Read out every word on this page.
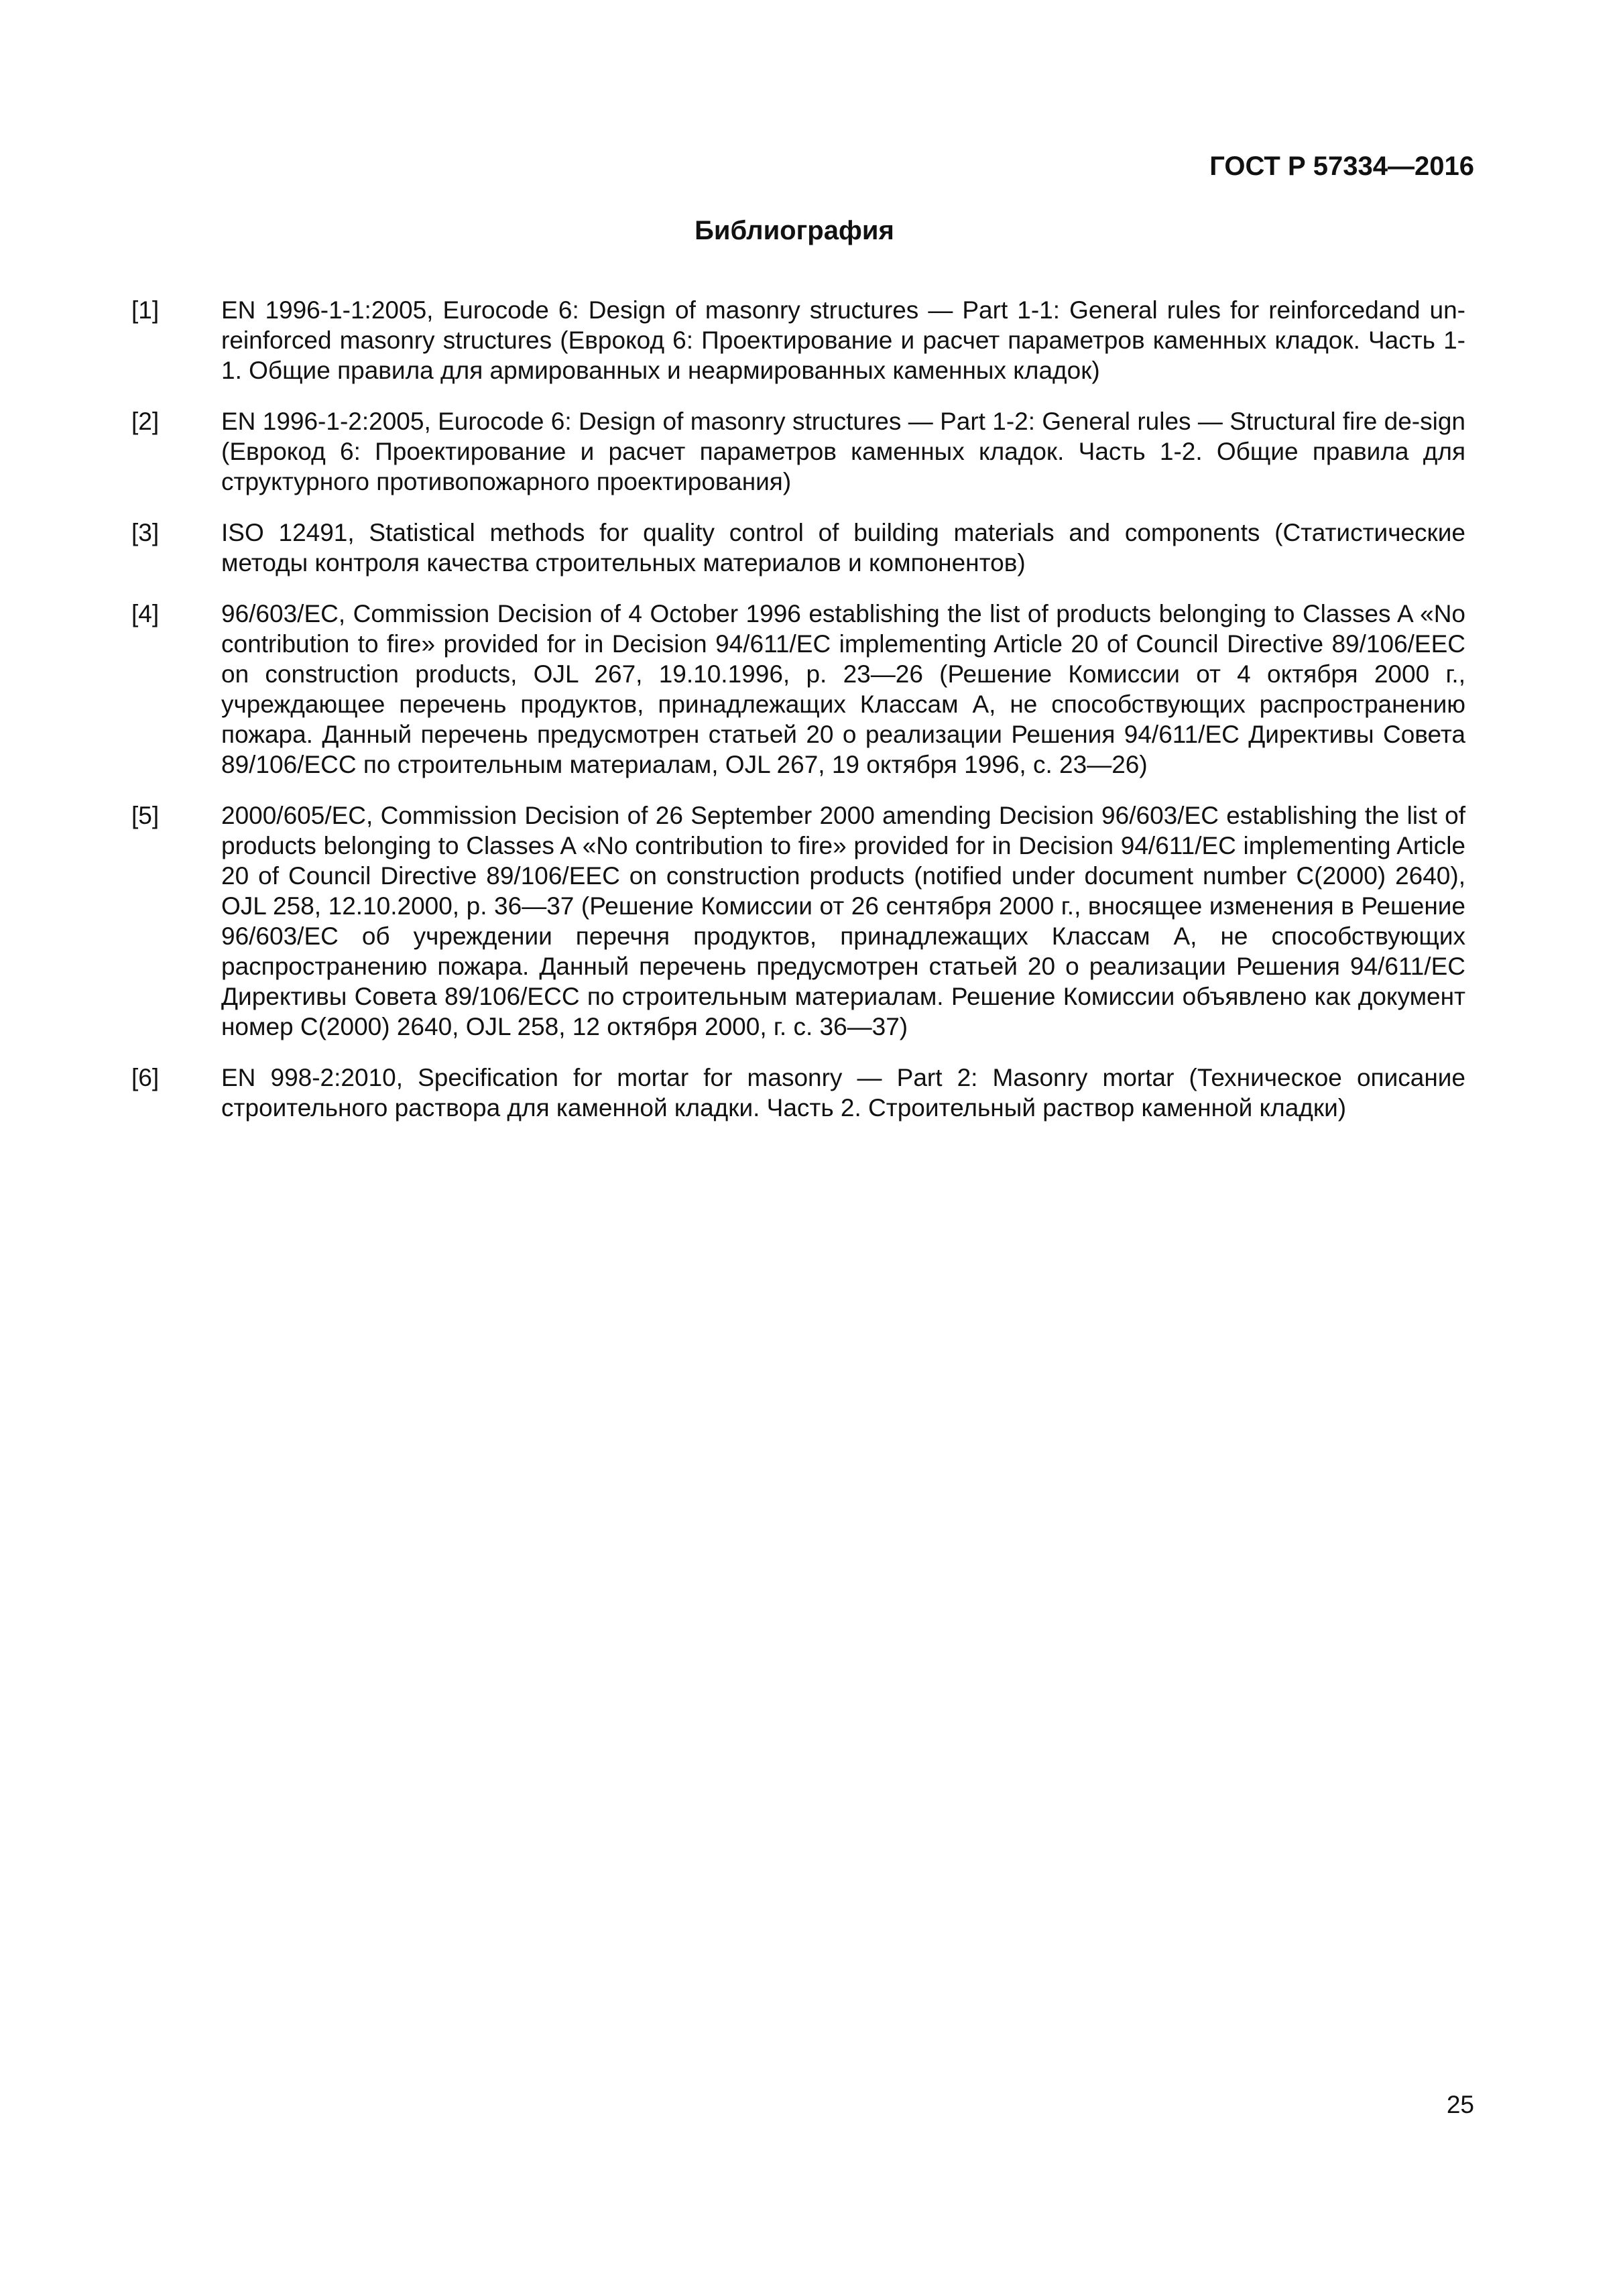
ГОСТ Р 57334—2016
Библиография
[1]	EN 1996-1-1:2005, Eurocode 6: Design of masonry structures — Part 1-1: General rules for reinforcedand un-reinforced masonry structures (Еврокод 6: Проектирование и расчет параметров каменных кладок. Часть 1-1. Общие правила для армированных и неармированных каменных кладок)
[2]	EN 1996-1-2:2005, Eurocode 6: Design of masonry structures — Part 1-2: General rules — Structural fire de-sign (Еврокод 6: Проектирование и расчет параметров каменных кладок. Часть 1-2. Общие правила для структурного противопожарного проектирования)
[3]	ISO 12491, Statistical methods for quality control of building materials and components (Статистические методы контроля качества строительных материалов и компонентов)
[4]	96/603/EC, Commission Decision of 4 October 1996 establishing the list of products belonging to Classes A «No contribution to fire» provided for in Decision 94/611/EC implementing Article 20 of Council Directive 89/106/EEC on construction products, OJL 267, 19.10.1996, p. 23—26 (Решение Комиссии от 4 октября 2000 г., учреждающее перечень продуктов, принадлежащих Классам А, не способствующих распространению пожара. Данный перечень предусмотрен статьей 20 о реализации Решения 94/611/ЕС Директивы Совета 89/106/ЕСС по строительным материалам, OJL 267, 19 октября 1996, с. 23—26)
[5]	2000/605/EC, Commission Decision of 26 September 2000 amending Decision 96/603/EC establishing the list of products belonging to Classes A «No contribution to fire» provided for in Decision 94/611/EC implementing Article 20 of Council Directive 89/106/EEC on construction products (notified under document number C(2000) 2640), OJL 258, 12.10.2000, p. 36—37 (Решение Комиссии от 26 сентября 2000 г., вносящее изменения в Решение 96/603/ЕС об учреждении перечня продуктов, принадлежащих Классам А, не способствующих распространению пожара. Данный перечень предусмотрен статьей 20 о реализации Решения 94/611/ЕС Директивы Совета 89/106/ЕСС по строительным материалам. Решение Комиссии объявлено как документ номер С(2000) 2640, OJL 258, 12 октября 2000, г. с. 36—37)
[6]	EN 998-2:2010, Specification for mortar for masonry — Part 2: Masonry mortar (Техническое описание строительного раствора для каменной кладки. Часть 2. Строительный раствор каменной кладки)
25
